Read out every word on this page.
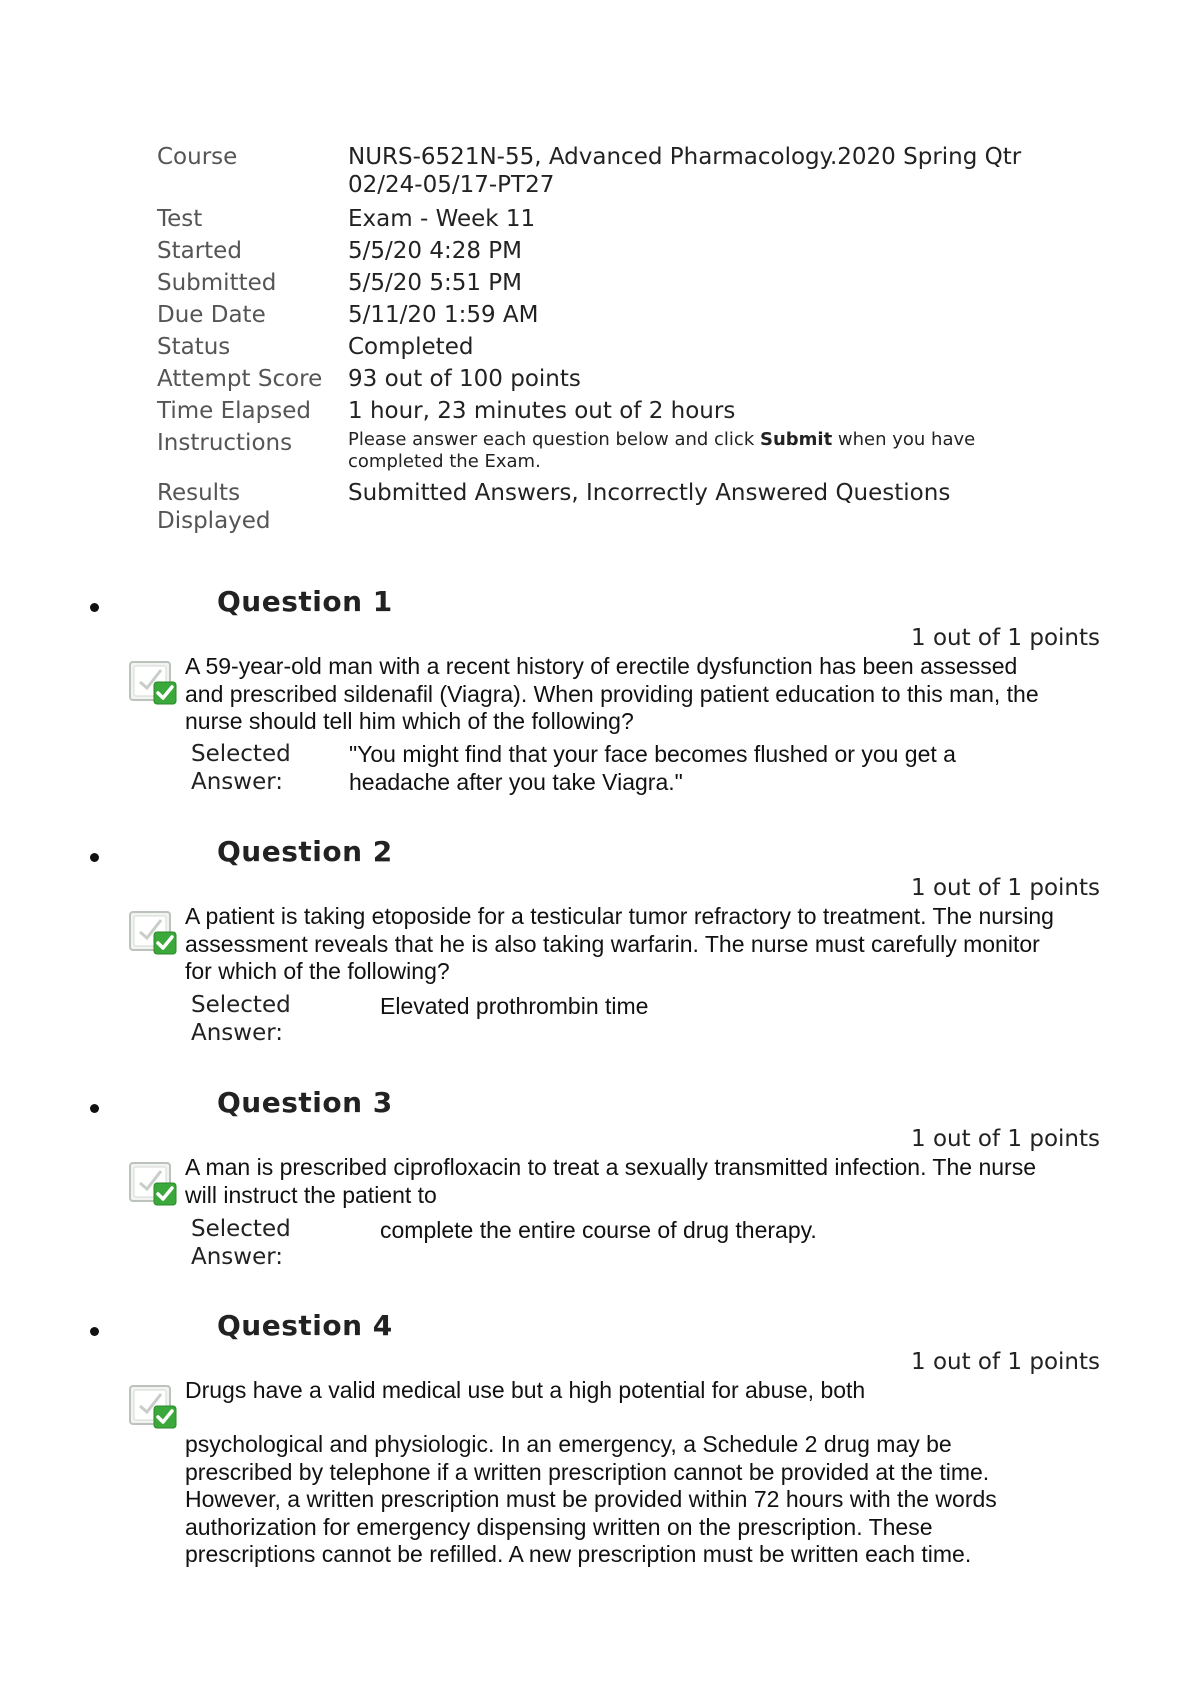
Course	NURS-6521N-55, Advanced Pharmacology.2020 Spring Qtr 02/24-05/17-PT27
Test	Exam - Week 11
Started	5/5/20 4:28 PM
Submitted	5/5/20 5:51 PM
Due Date	5/11/20 1:59 AM
Status	Completed
Attempt Score	93 out of 100 points
Time Elapsed	1 hour, 23 minutes out of 2 hours
Instructions	Please answer each question below and click Submit when you have completed the Exam.
Results Displayed	Submitted Answers, Incorrectly Answered Questions
Question 1
1 out of 1 points
A 59-year-old man with a recent history of erectile dysfunction has been assessed and prescribed sildenafil (Viagra). When providing patient education to this man, the nurse should tell him which of the following?
Selected Answer:
"You might find that your face becomes flushed or you get a headache after you take Viagra."
Question 2
1 out of 1 points
A patient is taking etoposide for a testicular tumor refractory to treatment. The nursing assessment reveals that he is also taking warfarin. The nurse must carefully monitor for which of the following?
Selected Answer:
Elevated prothrombin time
Question 3
1 out of 1 points
A man is prescribed ciprofloxacin to treat a sexually transmitted infection. The nurse will instruct the patient to
Selected Answer:
complete the entire course of drug therapy.
Question 4
1 out of 1 points
Drugs have a valid medical use but a high potential for abuse, both
psychological and physiologic. In an emergency, a Schedule 2 drug may be prescribed by telephone if a written prescription cannot be provided at the time. However, a written prescription must be provided within 72 hours with the words authorization for emergency dispensing written on the prescription. These prescriptions cannot be refilled. A new prescription must be written each time.
